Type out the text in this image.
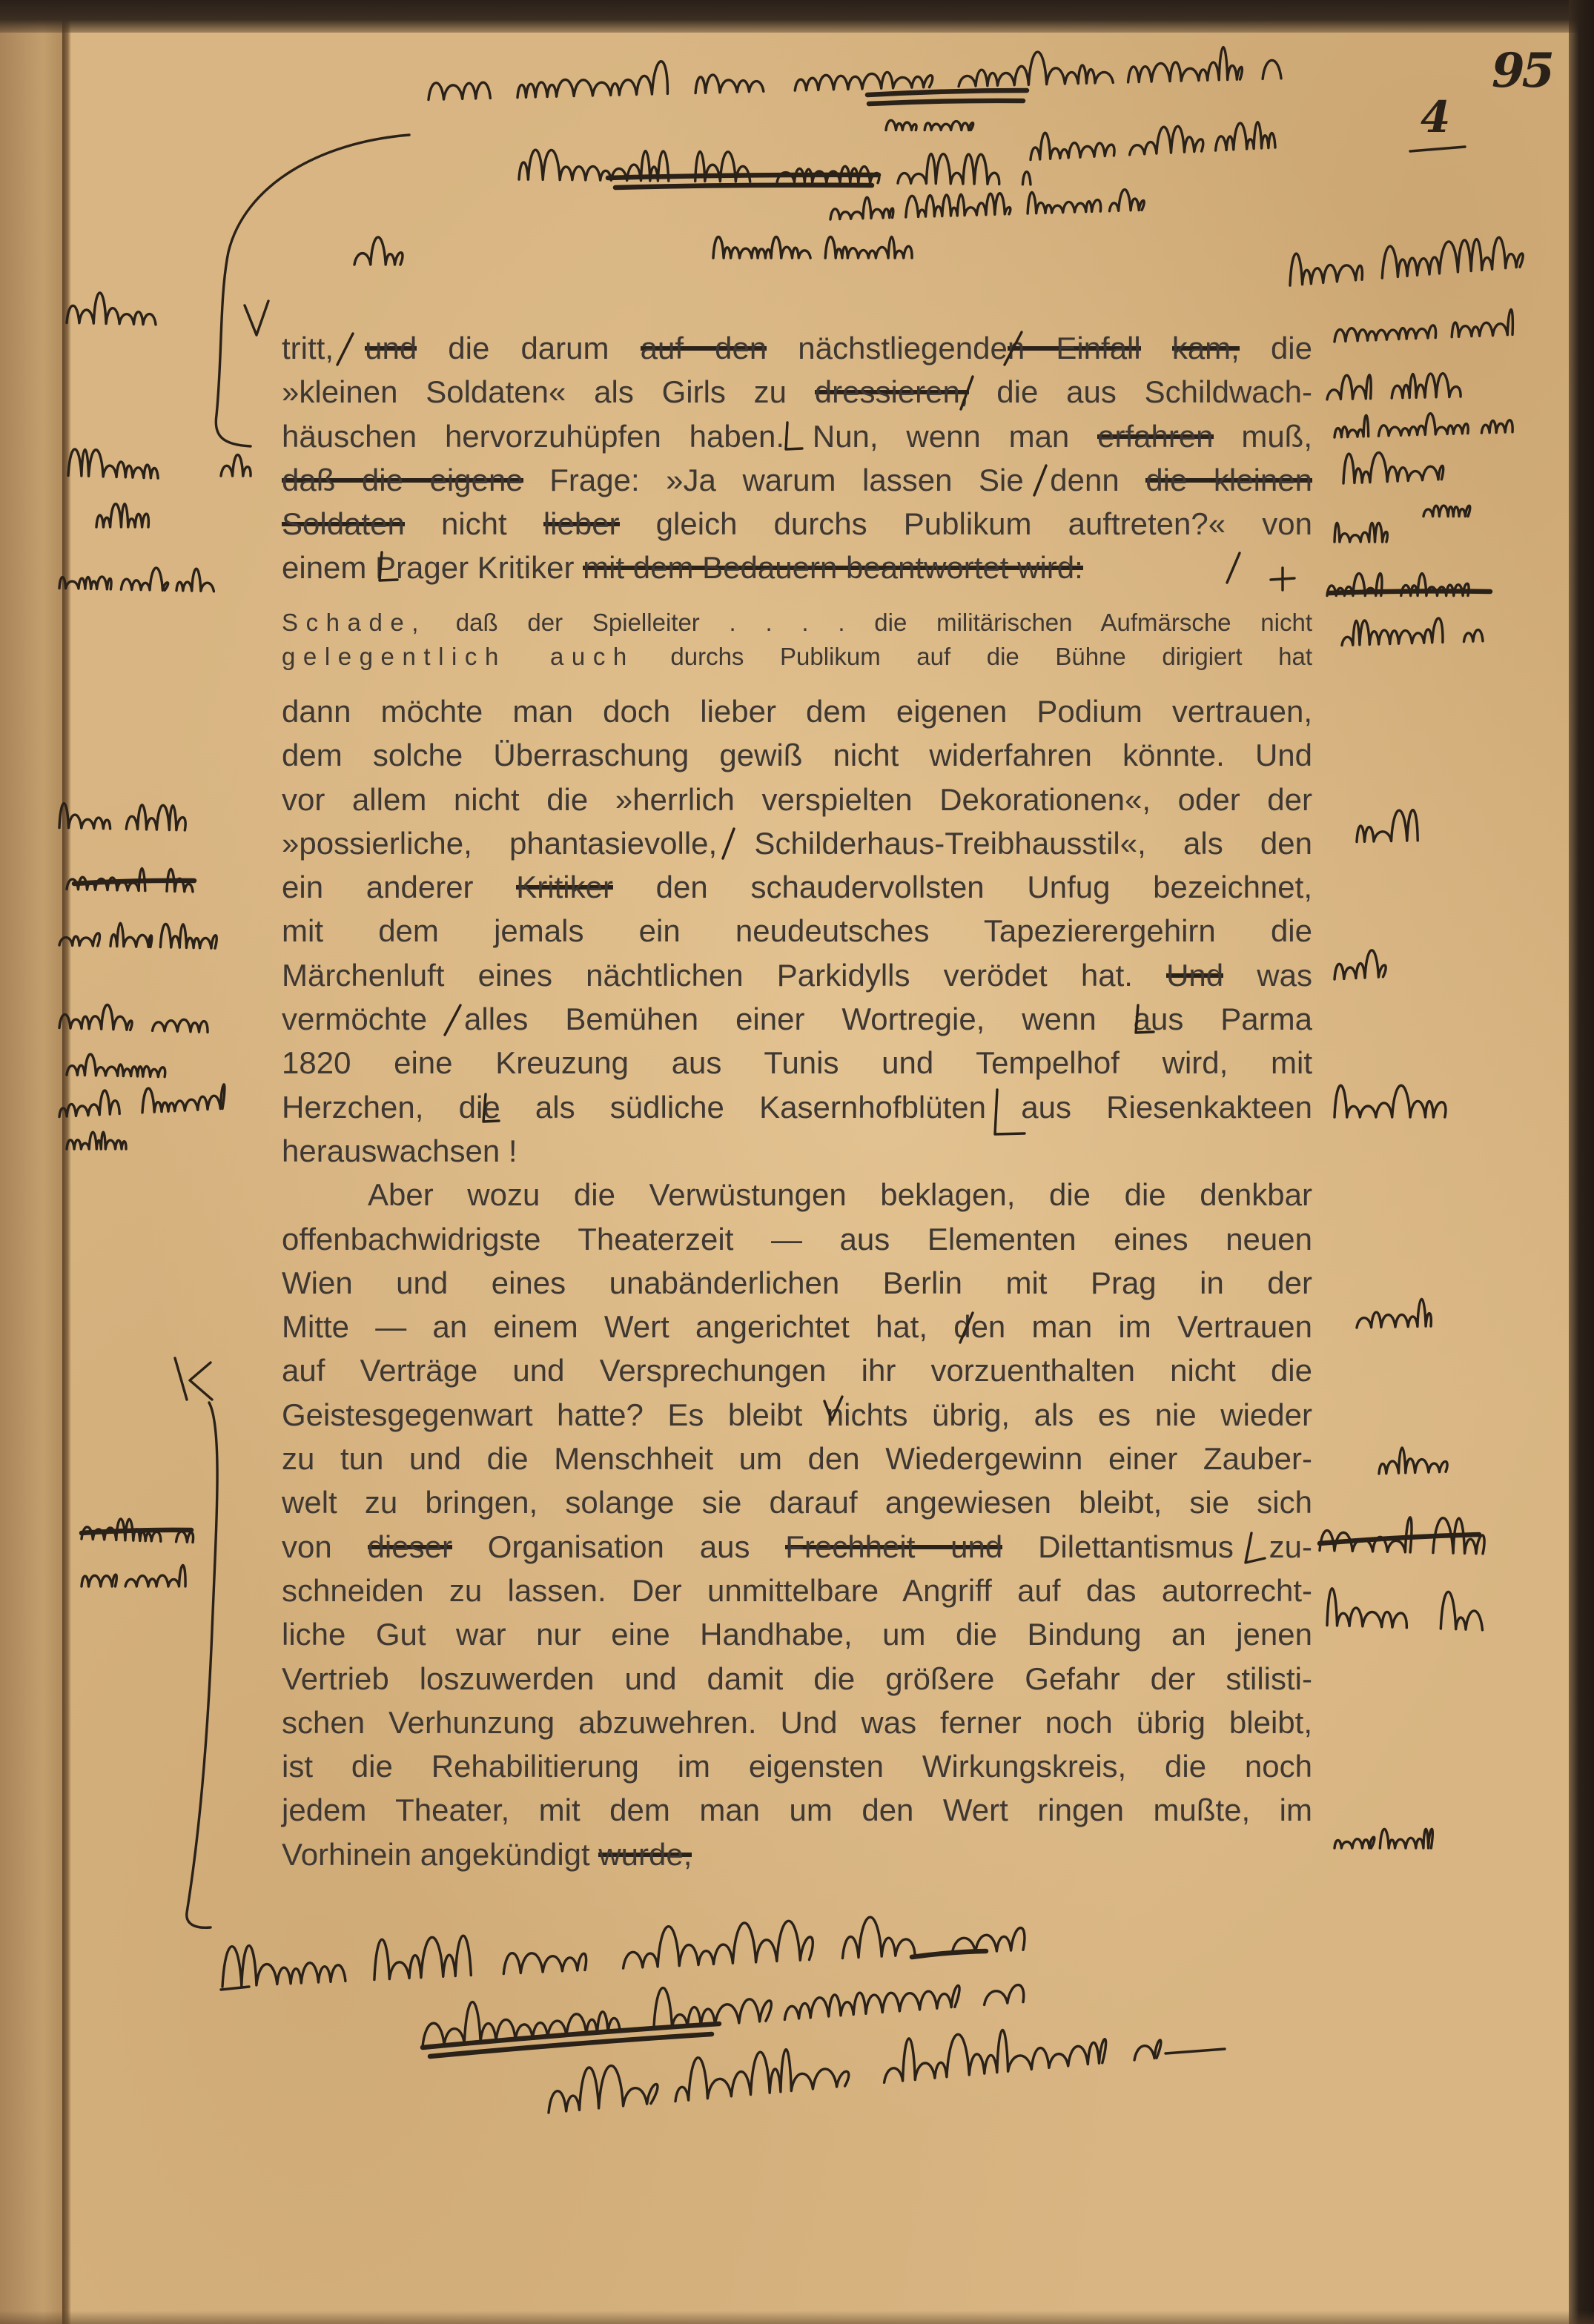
tritt, und die darum auf den nächstliegenden Einfall kam, die
»kleinen Soldaten« als Girls zu dressieren, die aus Schildwach-
häuschen hervorzuhüpfen haben. Nun, wenn man erfahren muß,
daß die eigene Frage: »Ja warum lassen Sie denn die kleinen
Soldaten nicht lieber gleich durchs Publikum auftreten?« von
einem Prager Kritiker mit dem Bedauern beantwortet wird:
Schade, daß der Spielleiter . . . . die militärischen Aufmärsche nicht
gelegentlich auch durchs Publikum auf die Bühne dirigiert hat
dann möchte man doch lieber dem eigenen Podium vertrauen,
dem solche Überraschung gewiß nicht widerfahren könnte. Und
vor allem nicht die »herrlich verspielten Dekorationen«, oder der
»possierliche, phantasievolle, Schilderhaus-Treibhausstil«, als den
ein anderer Kritiker den schaudervollsten Unfug bezeichnet,
mit dem jemals ein neudeutsches Tapezierergehirn die
Märchenluft eines nächtlichen Parkidylls verödet hat. Und was
vermöchte alles Bemühen einer Wortregie, wenn aus Parma
1820 eine Kreuzung aus Tunis und Tempelhof wird, mit
Herzchen, die als südliche Kasernhofblüten aus Riesenkakteen
herauswachsen !
Aber wozu die Verwüstungen beklagen, die die denkbar
offenbachwidrigste Theaterzeit — aus Elementen eines neuen
Wien und eines unabänderlichen Berlin mit Prag in der
Mitte — an einem Wert angerichtet hat, den man im Vertrauen
auf Verträge und Versprechungen ihr vorzuenthalten nicht die
Geistesgegenwart hatte? Es bleibt nichts übrig, als es nie wieder
zu tun und die Menschheit um den Wiedergewinn einer Zauber-
welt zu bringen, solange sie darauf angewiesen bleibt, sie sich
von dieser Organisation aus Frechheit und Dilettantismus zu-
schneiden zu lassen. Der unmittelbare Angriff auf das autorrecht-
liche Gut war nur eine Handhabe, um die Bindung an jenen
Vertrieb loszuwerden und damit die größere Gefahr der stilisti-
schen Verhunzung abzuwehren. Und was ferner noch übrig bleibt,
ist die Rehabilitierung im eigensten Wirkungskreis, die noch
jedem Theater, mit dem man um den Wert ringen mußte, im
Vorhinein angekündigt wurde,
95
4
